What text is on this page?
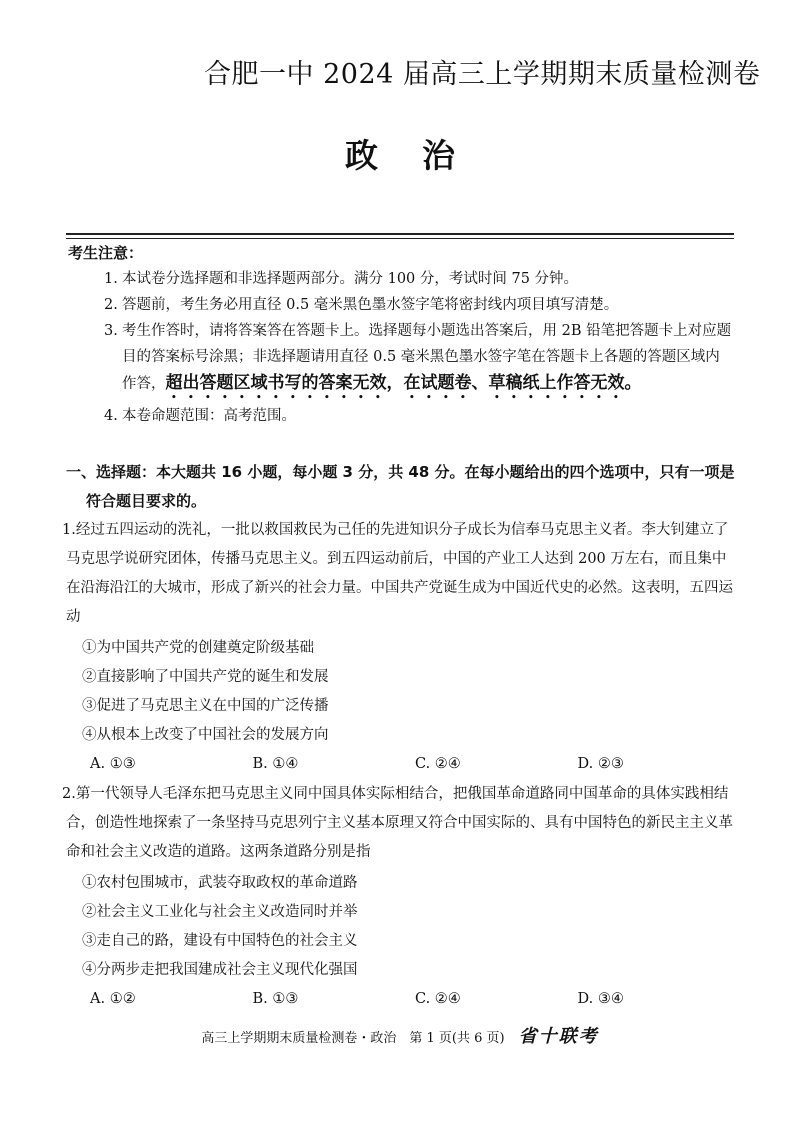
合肥一中 2024 届高三上学期期末质量检测卷
政 治
考生注意：
1. 本试卷分选择题和非选择题两部分。满分 100 分，考试时间 75 分钟。
2. 答题前，考生务必用直径 0.5 毫米黑色墨水签字笔将密封线内项目填写清楚。
3. 考生作答时，请将答案答在答题卡上。选择题每小题选出答案后，用 2B 铅笔把答题卡上对应题目的答案标号涂黑；非选择题请用直径 0.5 毫米黑色墨水签字笔在答题卡上各题的答题区域内作答，超出答题区域书写的答案无效，在试题卷、草稿纸上作答无效。
4. 本卷命题范围：高考范围。
一、选择题：本大题共 16 小题，每小题 3 分，共 48 分。在每小题给出的四个选项中，只有一项是
符合题目要求的。
1.经过五四运动的洗礼，一批以救国救民为己任的先进知识分子成长为信奉马克思主义者。李大钊建立了马克思学说研究团体，传播马克思主义。到五四运动前后，中国的产业工人达到 200 万左右，而且集中在沿海沿江的大城市，形成了新兴的社会力量。中国共产党诞生成为中国近代史的必然。这表明，五四运动
①为中国共产党的创建奠定阶级基础
②直接影响了中国共产党的诞生和发展
③促进了马克思主义在中国的广泛传播
④从根本上改变了中国社会的发展方向
A. ①③	B. ①④	C. ②④	D. ②③
2.第一代领导人毛泽东把马克思主义同中国具体实际相结合，把俄国革命道路同中国革命的具体实践相结合，创造性地探索了一条坚持马克思列宁主义基本原理又符合中国实际的、具有中国特色的新民主主义革命和社会主义改造的道路。这两条道路分别是指
①农村包围城市，武装夺取政权的革命道路
②社会主义工业化与社会主义改造同时并举
③走自己的路，建设有中国特色的社会主义
④分两步走把我国建成社会主义现代化强国
A. ①②	B. ①③	C. ②④	D. ③④
高三上学期期末质量检测卷・政治　第 1 页(共 6 页) 省十联考
